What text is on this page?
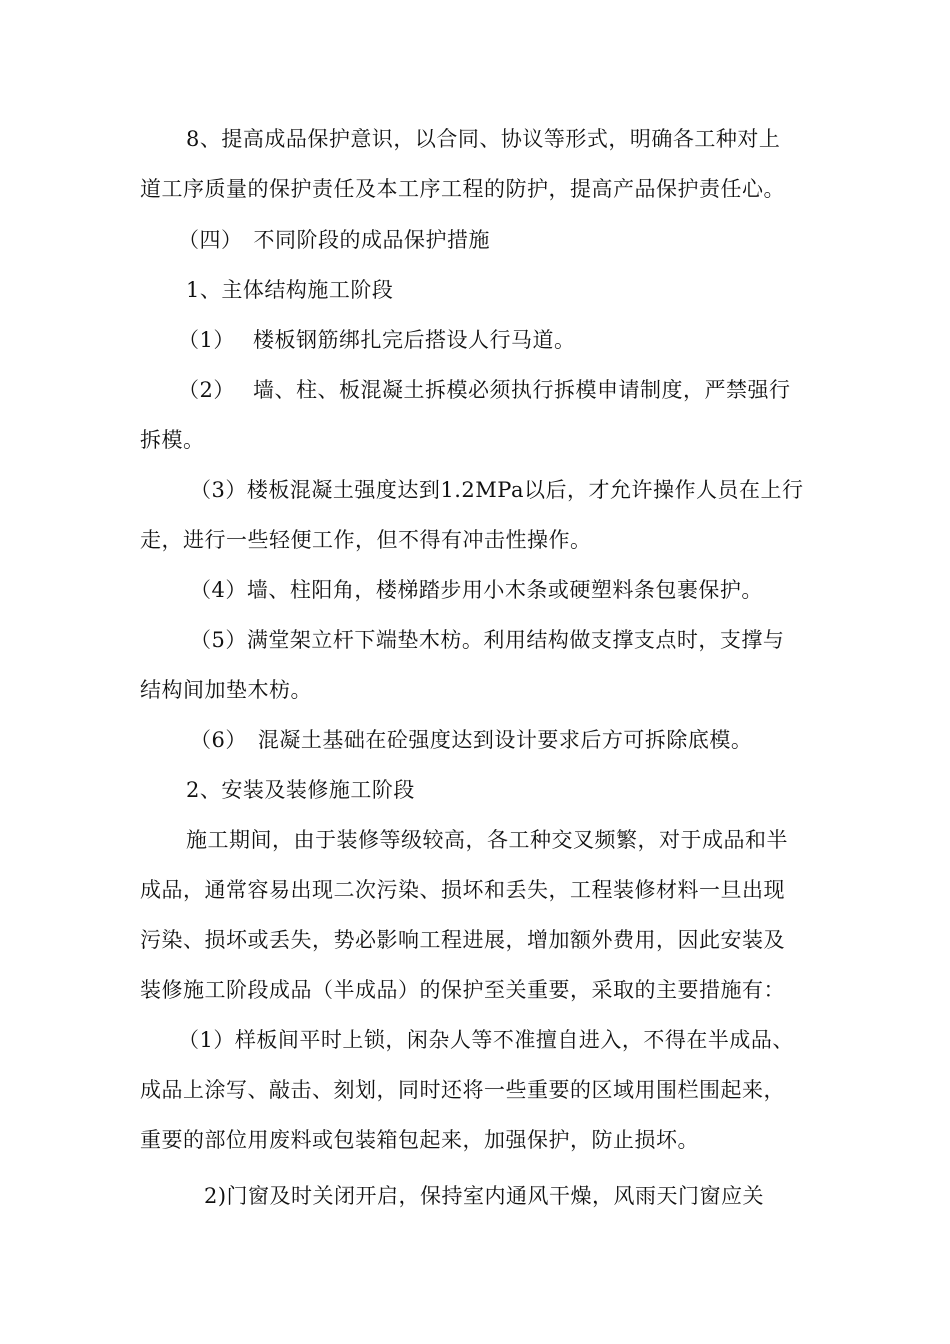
8、提高成品保护意识，以合同、协议等形式，明确各工种对上
道工序质量的保护责任及本工序工程的防护，提高产品保护责任心。
（四）　不同阶段的成品保护措施
1、主体结构施工阶段
（1）　 楼板钢筋绑扎完后搭设人行马道。
（2）　 墙、柱、板混凝土拆模必须执行拆模申请制度，严禁强行
拆模。
（3）楼板混凝土强度达到1.2MPa以后，才允许操作人员在上行
走，进行一些轻便工作，但不得有冲击性操作。
（4）墙、柱阳角，楼梯踏步用小木条或硬塑料条包裹保护。
（5）满堂架立杆下端垫木枋。利用结构做支撑支点时，支撑与
结构间加垫木枋。
（6）　混凝土基础在砼强度达到设计要求后方可拆除底模。
2、安装及装修施工阶段
施工期间，由于装修等级较高，各工种交叉频繁，对于成品和半
成品，通常容易出现二次污染、损坏和丢失，工程装修材料一旦出现
污染、损坏或丢失，势必影响工程进展，增加额外费用，因此安装及
装修施工阶段成品（半成品）的保护至关重要，采取的主要措施有：
（1）样板间平时上锁，闲杂人等不准擅自进入，不得在半成品、
成品上涂写、敲击、刻划，同时还将一些重要的区域用围栏围起来，
重要的部位用废料或包装箱包起来，加强保护，防止损坏。
2)门窗及时关闭开启，保持室内通风干燥，风雨天门窗应关
